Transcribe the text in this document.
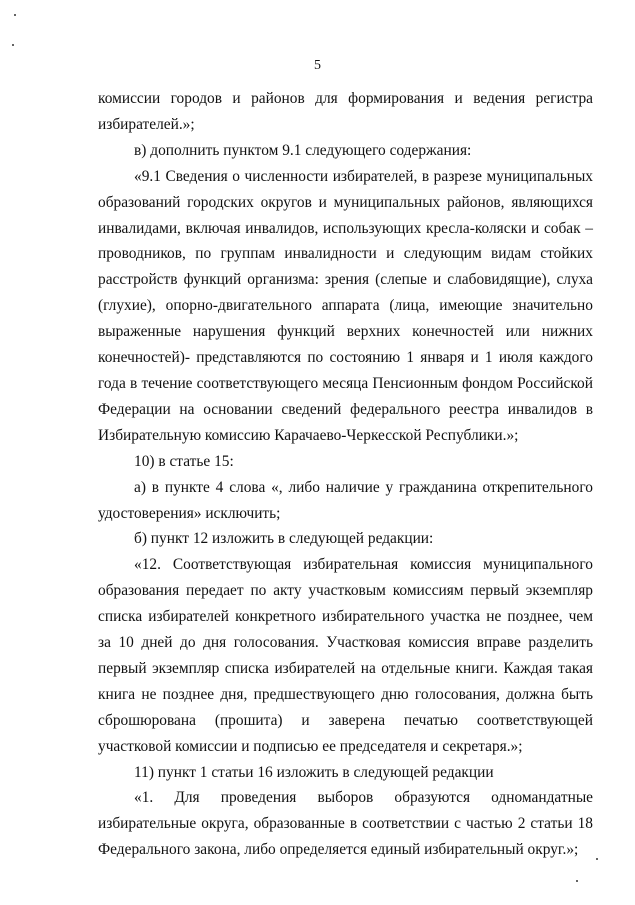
5

комиссии городов и районов для формирования и ведения регистра избирателей.»;

в) дополнить пунктом 9.1 следующего содержания:

«9.1 Сведения о численности избирателей, в разрезе муниципальных образований городских округов и муниципальных районов, являющихся инвалидами, включая инвалидов, использующих кресла-коляски и собак – проводников, по группам инвалидности и следующим видам стойких расстройств функций организма: зрения (слепые и слабовидящие), слуха (глухие), опорно-двигательного аппарата (лица, имеющие значительно выраженные нарушения функций верхних конечностей или нижних конечностей)- представляются по состоянию 1 января и 1 июля каждого года в течение соответствующего месяца Пенсионным фондом Российской Федерации на основании сведений федерального реестра инвалидов в Избирательную комиссию Карачаево-Черкесской Республики.»;

10) в статье 15:

а) в пункте 4 слова «, либо наличие у гражданина открепительного удостоверения» исключить;

б) пункт 12 изложить в следующей редакции:

«12. Соответствующая избирательная комиссия муниципального образования передает по акту участковым комиссиям первый экземпляр списка избирателей конкретного избирательного участка не позднее, чем за 10 дней до дня голосования. Участковая комиссия вправе разделить первый экземпляр списка избирателей на отдельные книги. Каждая такая книга не позднее дня, предшествующего дню голосования, должна быть сброшюрована (прошита) и заверена печатью соответствующей участковой комиссии и подписью ее председателя и секретаря.»;

11) пункт 1 статьи 16 изложить в следующей редакции

«1. Для проведения выборов образуются одномандатные избирательные округа, образованные в соответствии с частью 2 статьи 18 Федерального закона, либо определяется единый избирательный округ.»;
